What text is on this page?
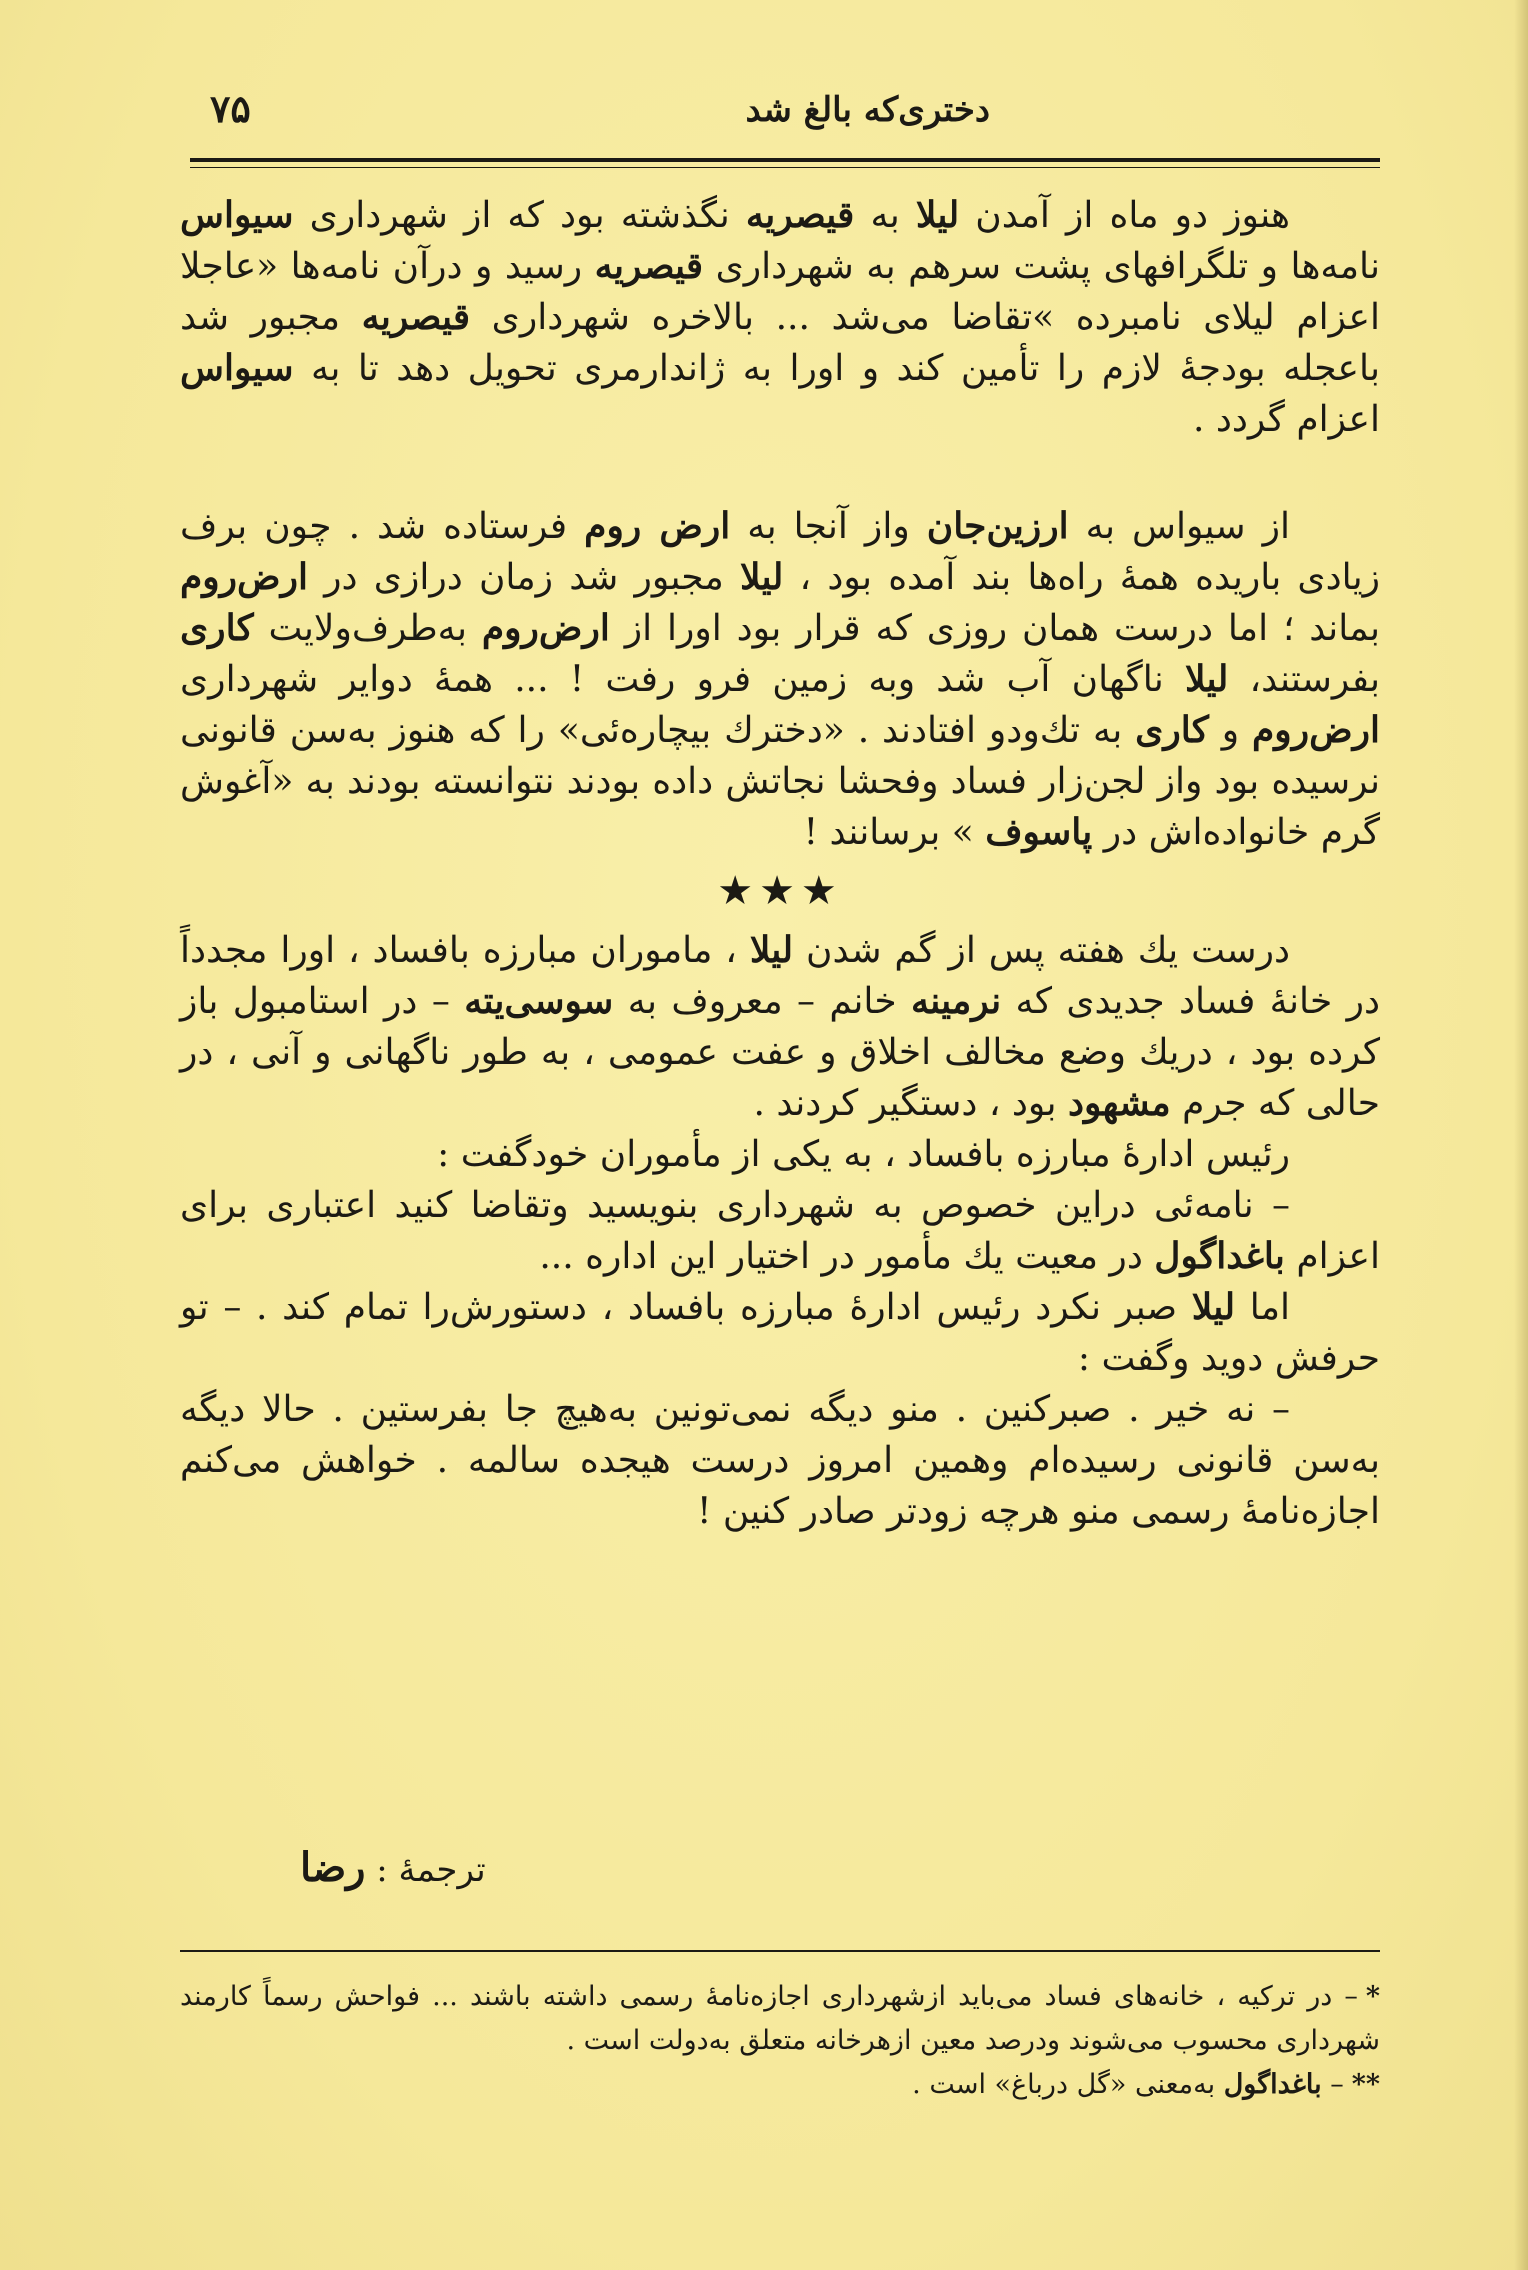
دختری‌که بالغ شد
۷۵

هنوز دو ماه از آمدن لیلا به قیصریه نگذشته بود که از شهرداری سیواس نامه‌ها و تلگرافهای پشت سرهم به شهرداری قیصریه رسید و درآن نامه‌ها «عاجلا اعزام لیلای نامبرده »تقاضا می‌شد ... بالاخره شهرداری قیصریه مجبور شد باعجله بودجهٔ لازم را تأمین کند و اورا به ژاندارمری تحویل دهد تا به سیواس اعزام گردد .

از سیواس به ارزین‌جان واز آنجا به ارض روم فرستاده شد . چون برف زیادی باریده همهٔ راه‌ها بند آمده بود ، لیلا مجبور شد زمان درازی در ارض‌روم بماند ؛ اما درست همان روزی که قرار بود اورا از ارض‌روم به‌طرف‌ولایت کاری بفرستند، لیلا ناگهان آب شد وبه زمین فرو رفت ! ... همهٔ دوایر شهرداری ارض‌روم و کاری به تك‌ودو افتادند . «دخترك بیچاره‌ئی» را که هنوز به‌سن قانونی نرسیده بود واز لجن‌زار فساد وفحشا نجاتش داده بودند نتوانسته بودند به «آغوش گرم خانواده‌اش در پاسوف » برسانند !

★★★

درست یك هفته پس از گم شدن لیلا ، ماموران مبارزه بافساد ، اورا مجدداً در خانهٔ فساد جدیدی که نرمینه خانم – معروف به سوسی‌یته – در استامبول باز کرده بود ، دریك وضع مخالف اخلاق و عفت عمومی ، به طور ناگهانی و آنی ، در حالی که جرم مشهود بود ، دستگیر کردند .

رئیس ادارهٔ مبارزه بافساد ، به یکی از مأموران خودگفت :

– نامه‌ئی دراین خصوص به شهرداری بنویسید وتقاضا کنید اعتباری برای اعزام باغداگول در معیت یك مأمور در اختیار این اداره ...

اما لیلا صبر نکرد رئیس ادارهٔ مبارزه بافساد ، دستورش‌را تمام کند . – تو حرفش دوید وگفت :

– نه خیر . صبرکنین . منو دیگه نمی‌تونین به‌هیچ جا بفرستین . حالا دیگه به‌سن قانونی رسیده‌ام وهمین امروز درست هیجده سالمه . خواهش می‌کنم اجازه‌نامهٔ رسمی منو هرچه زودتر صادر کنین !

ترجمهٔ : رضا

*– در ترکیه ، خانه‌های فساد می‌باید ازشهرداری اجازه‌نامهٔ رسمی داشته باشند ... فواحش رسماً کارمند شهرداری محسوب می‌شوند ودرصد معین ازهرخانه متعلق به‌دولت است .

**– باغداگول به‌معنی «گل درباغ» است .
